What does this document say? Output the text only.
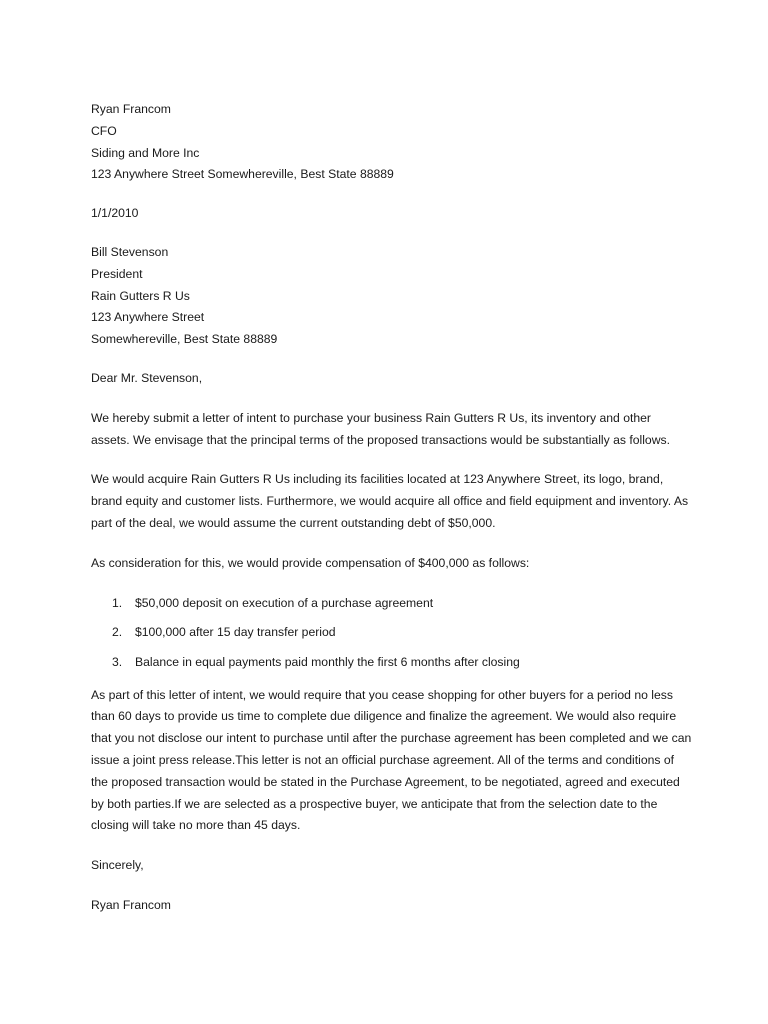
Ryan Francom
CFO
Siding and More Inc
123 Anywhere Street Somewhereville, Best State 88889
1/1/2010
Bill Stevenson
President
Rain Gutters R Us
123 Anywhere Street
Somewhereville, Best State 88889
Dear Mr. Stevenson,
We hereby submit a letter of intent to purchase your business Rain Gutters R Us, its inventory and other
assets. We envisage that the principal terms of the proposed transactions would be substantially as follows.
We would acquire Rain Gutters R Us including its facilities located at 123 Anywhere Street, its logo, brand,
brand equity and customer lists. Furthermore, we would acquire all office and field equipment and inventory. As
part of the deal, we would assume the current outstanding debt of $50,000.
As consideration for this, we would provide compensation of $400,000 as follows:
1. $50,000 deposit on execution of a purchase agreement
2. $100,000 after 15 day transfer period
3. Balance in equal payments paid monthly the first 6 months after closing
As part of this letter of intent, we would require that you cease shopping for other buyers for a period no less
than 60 days to provide us time to complete due diligence and finalize the agreement. We would also require
that you not disclose our intent to purchase until after the purchase agreement has been completed and we can
issue a joint press release.This letter is not an official purchase agreement. All of the terms and conditions of
the proposed transaction would be stated in the Purchase Agreement, to be negotiated, agreed and executed
by both parties.If we are selected as a prospective buyer, we anticipate that from the selection date to the
closing will take no more than 45 days.
Sincerely,
Ryan Francom
